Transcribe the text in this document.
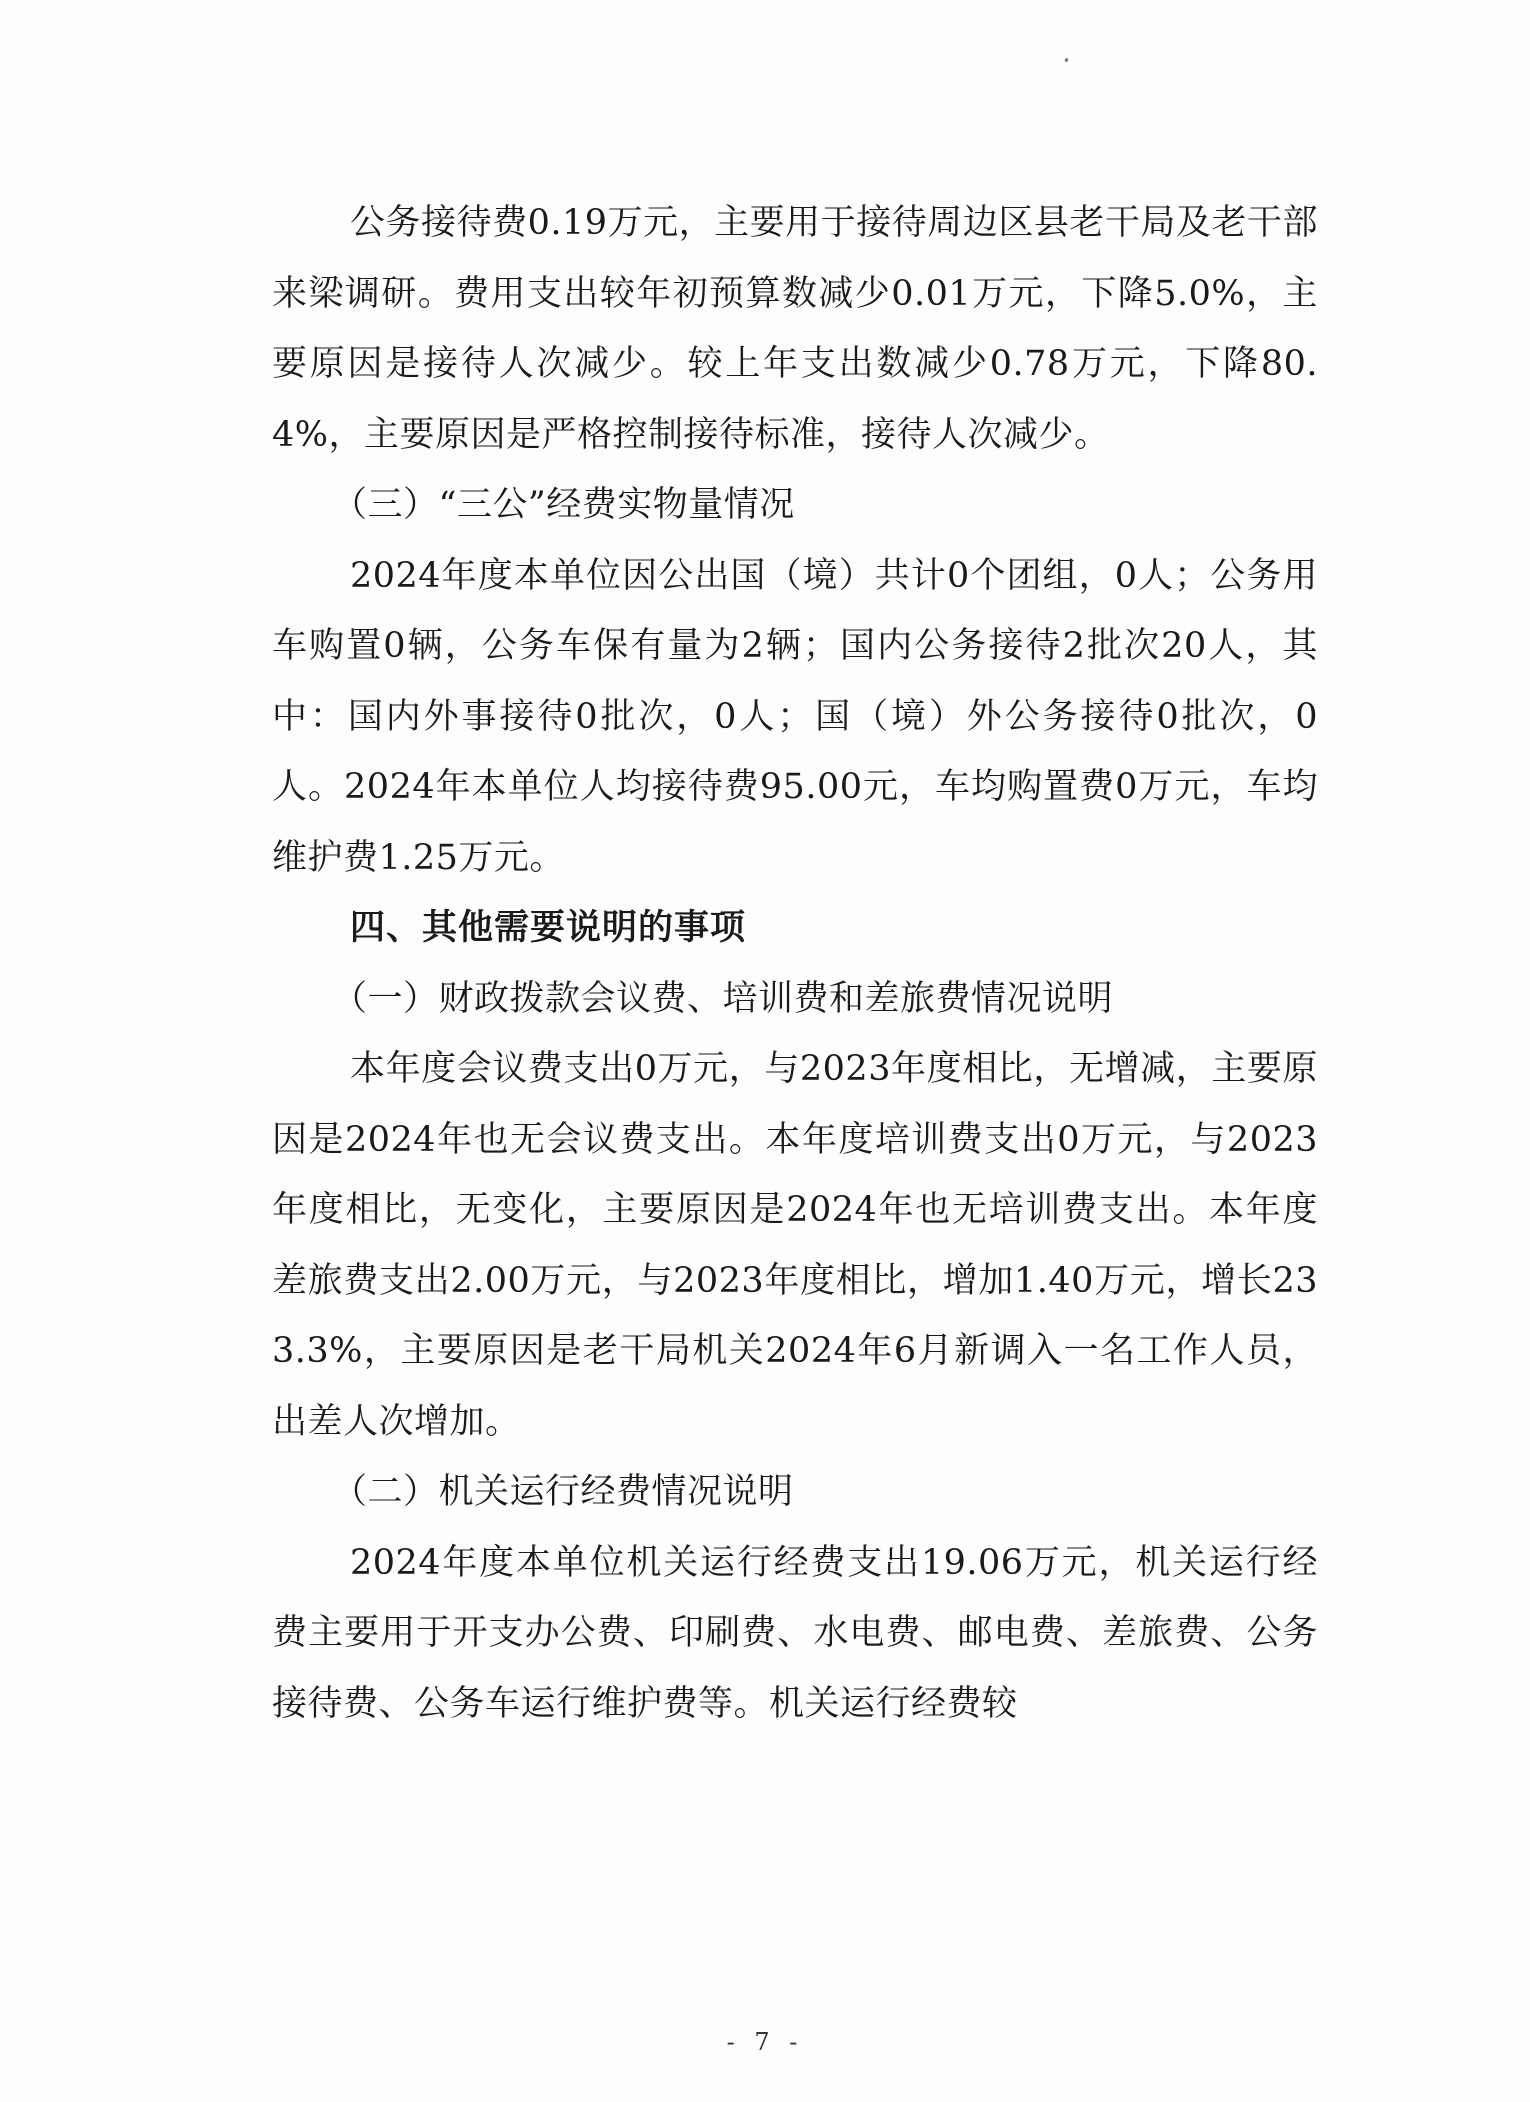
公务接待费0.19万元，主要用于接待周边区县老干局及老干部来梁调研。费用支出较年初预算数减少0.01万元，下降5.0%，主要原因是接待人次减少。较上年支出数减少0.78万元，下降80.4%，主要原因是严格控制接待标准，接待人次减少。

（三）“三公”经费实物量情况

2024年度本单位因公出国（境）共计0个团组，0人；公务用车购置0辆，公务车保有量为2辆；国内公务接待2批次20人，其中：国内外事接待0批次，0人；国（境）外公务接待0批次，0人。2024年本单位人均接待费95.00元，车均购置费0万元，车均维护费1.25万元。

四、其他需要说明的事项

（一）财政拨款会议费、培训费和差旅费情况说明

本年度会议费支出0万元，与2023年度相比，无增减，主要原因是2024年也无会议费支出。本年度培训费支出0万元，与2023年度相比，无变化，主要原因是2024年也无培训费支出。本年度差旅费支出2.00万元，与2023年度相比，增加1.40万元，增长233.3%，主要原因是老干局机关2024年6月新调入一名工作人员，出差人次增加。

（二）机关运行经费情况说明

2024年度本单位机关运行经费支出19.06万元，机关运行经费主要用于开支办公费、印刷费、水电费、邮电费、差旅费、公务接待费、公务车运行维护费等。机关运行经费较

- 7 -
